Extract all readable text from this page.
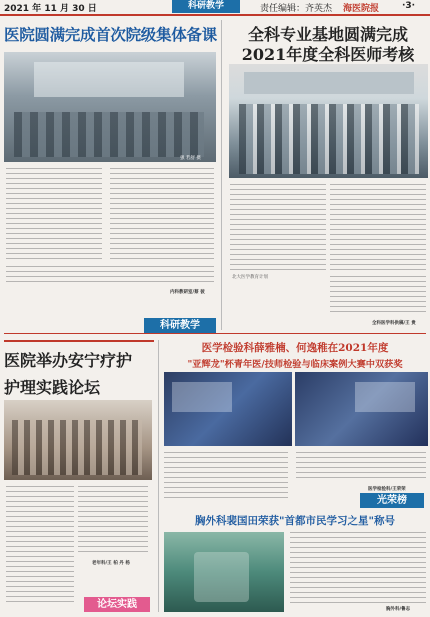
2021 年 11 月 30 日	科研教学	责任编辑：齐英杰 海医院报	·3·
医院圆满完成首次院级集体备课
强 若舒 摄
内科教研室/蔡 彼
科研教学
全科专业基地圆满完成
2021年度全科医师考核
北大医学教育计划
全科医学科供稿/王 贵
医院举办安宁疗护
护理实践论坛
老年科/王 柏 丹 杨
论坛实践
医学检验科薛雅楠、何逸稚在2021年度
"亚辉龙"杯青年医/技师检验与临床案例大赛中双获奖
医学检验科/王荣荣
光荣榜
胸外科裴国田荣获"首都市民学习之星"称号
胸外科/鲁志
